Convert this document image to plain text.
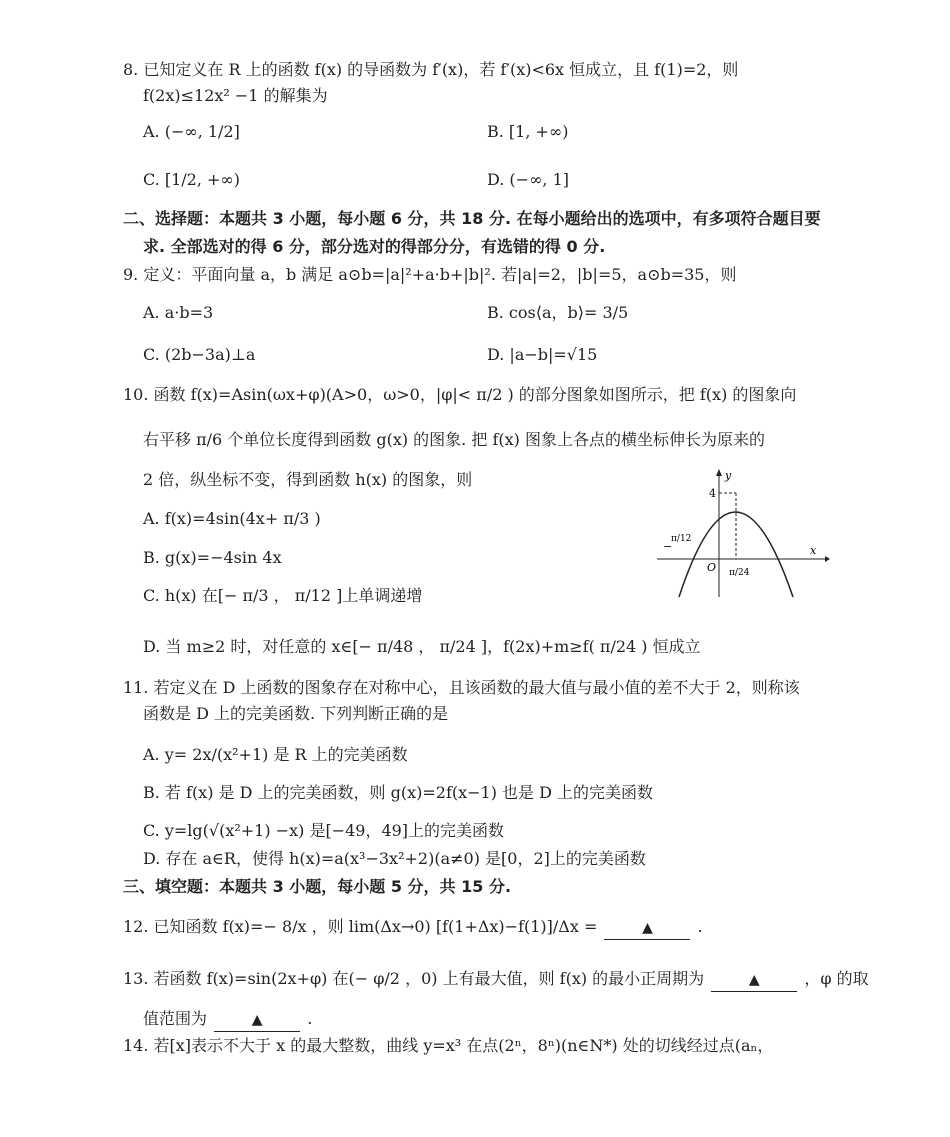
8. 已知定义在 R 上的函数 f(x) 的导函数为 f′(x)，若 f′(x)<6x 恒成立，且 f(1)=2，则
f(2x)≤12x² −1 的解集为
A. (−∞, 1/2]	B. [1, +∞)
C. [1/2, +∞)	D. (−∞, 1]
二、选择题：本题共 3 小题，每小题 6 分，共 18 分. 在每小题给出的选项中，有多项符合题目要
求. 全部选对的得 6 分，部分选对的得部分分，有选错的得 0 分.
9. 定义：平面向量 a，b 满足 a⊙b=|a|²+a·b+|b|². 若|a|=2，|b|=5，a⊙b=35，则
A. a·b=3	B. cos⟨a，b⟩= 3/5
C. (2b−3a)⊥a	D. |a−b|=√15
10. 函数 f(x)=Asin(ωx+φ)(A>0，ω>0，|φ|< π/2 ) 的部分图象如图所示，把 f(x) 的图象向
右平移 π/6 个单位长度得到函数 g(x) 的图象. 把 f(x) 图象上各点的横坐标伸长为原来的
2 倍，纵坐标不变，得到函数 h(x) 的图象，则
A. f(x)=4sin(4x+ π/3 )
B. g(x)=−4sin 4x
C. h(x) 在[− π/3 ， π/12 ]上单调递增
D. 当 m≥2 时，对任意的 x∈[− π/48 ， π/24 ]，f(2x)+m≥f( π/24 ) 恒成立
x
y
O
4
−
π/12
π/24
11. 若定义在 D 上函数的图象存在对称中心，且该函数的最大值与最小值的差不大于 2，则称该
函数是 D 上的完美函数. 下列判断正确的是
A. y= 2x/(x²+1) 是 R 上的完美函数
B. 若 f(x) 是 D 上的完美函数，则 g(x)=2f(x−1) 也是 D 上的完美函数
C. y=lg(√(x²+1) −x) 是[−49，49]上的完美函数
D. 存在 a∈R，使得 h(x)=a(x³−3x²+2)(a≠0) 是[0，2]上的完美函数
三、填空题：本题共 3 小题，每小题 5 分，共 15 分.
12. 已知函数 f(x)=− 8/x ，则 lim(Δx→0) [f(1+Δx)−f(1)]/Δx = ▲	.
13. 若函数 f(x)=sin(2x+φ) 在(− φ/2 ，0) 上有最大值，则 f(x) 的最小正周期为 ▲	，φ 的取
值范围为 ▲	.
14. 若[x]表示不大于 x 的最大整数，曲线 y=x³ 在点(2ⁿ，8ⁿ)(n∈N*) 处的切线经过点(aₙ，
